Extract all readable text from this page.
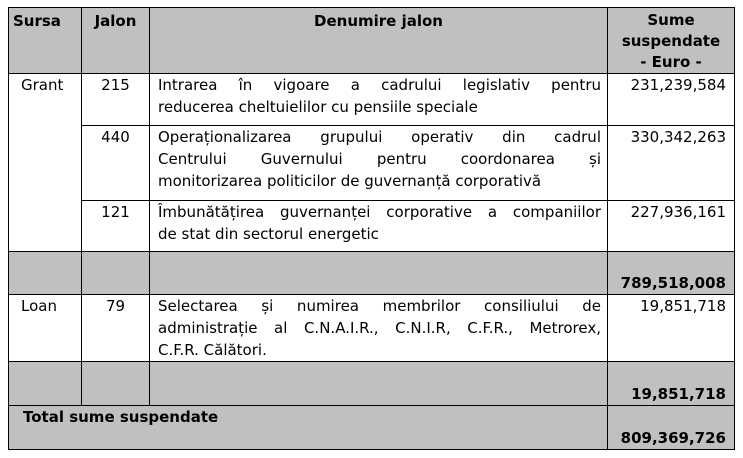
Sursa	Jalon	Denumire jalon	Sume
suspendate
- Euro -

Grant	215	Intrarea în vigoare a cadrului legislativ pentru
reducerea cheltuielilor cu pensiile speciale	231,239,584
	440	Operaționalizarea grupului operativ din cadrul
Centrului Guvernului pentru coordonarea și
monitorizarea politicilor de guvernanță corporativă	330,342,263
	121	Îmbunătățirea guvernanței corporative a companiilor
de stat din sectorul energetic	227,936,161
			789,518,008
Loan	79	Selectarea și numirea membrilor consiliului de
administrație al C.N.A.I.R., C.N.I.R, C.F.R., Metrorex,
C.F.R. Călători.	19,851,718
			19,851,718
Total sume suspendate			809,369,726
